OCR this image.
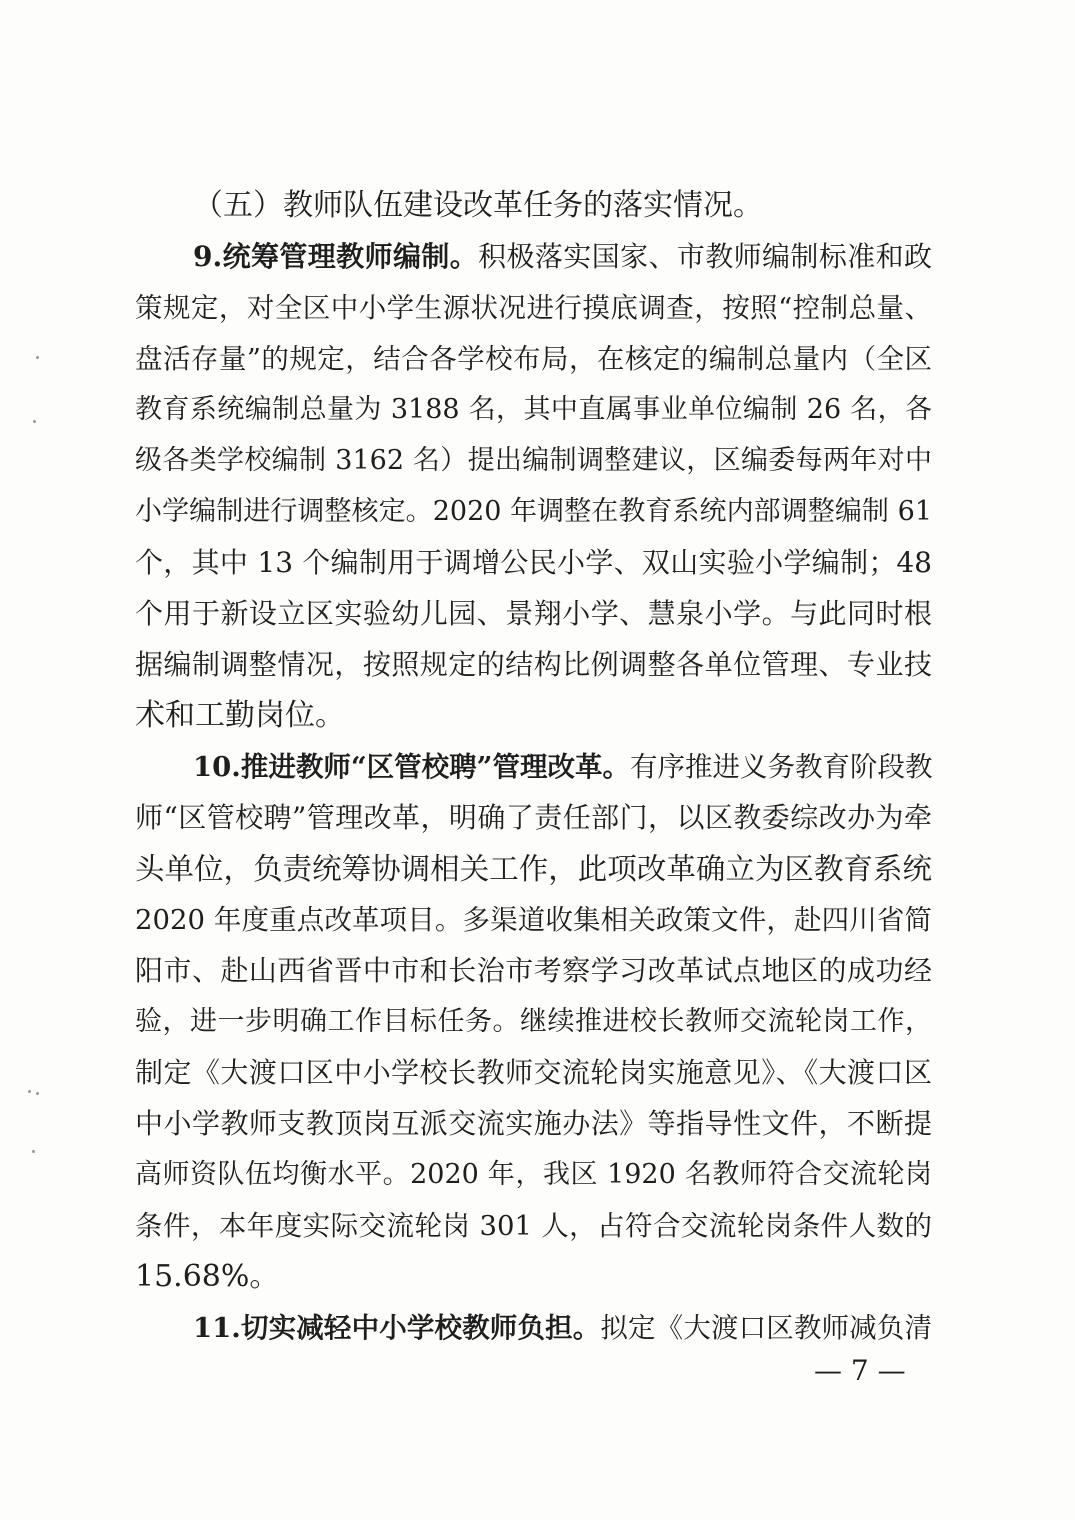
（五）教师队伍建设改革任务的落实情况。
9.统筹管理教师编制。积极落实国家、市教师编制标准和政
策规定，对全区中小学生源状况进行摸底调查，按照“控制总量、
盘活存量”的规定，结合各学校布局，在核定的编制总量内（全区
教育系统编制总量为 3188 名，其中直属事业单位编制 26 名，各
级各类学校编制 3162 名）提出编制调整建议，区编委每两年对中
小学编制进行调整核定。2020 年调整在教育系统内部调整编制 61
个，其中 13 个编制用于调增公民小学、双山实验小学编制；48
个用于新设立区实验幼儿园、景翔小学、慧泉小学。与此同时根
据编制调整情况，按照规定的结构比例调整各单位管理、专业技
术和工勤岗位。
10.推进教师“区管校聘”管理改革。有序推进义务教育阶段教
师“区管校聘”管理改革，明确了责任部门，以区教委综改办为牵
头单位，负责统筹协调相关工作，此项改革确立为区教育系统
2020 年度重点改革项目。多渠道收集相关政策文件，赴四川省简
阳市、赴山西省晋中市和长治市考察学习改革试点地区的成功经
验，进一步明确工作目标任务。继续推进校长教师交流轮岗工作，
制定《大渡口区中小学校长教师交流轮岗实施意见》、《大渡口区
中小学教师支教顶岗互派交流实施办法》等指导性文件，不断提
高师资队伍均衡水平。2020 年，我区 1920 名教师符合交流轮岗
条件，本年度实际交流轮岗 301 人，占符合交流轮岗条件人数的
15.68%。
11.切实减轻中小学校教师负担。拟定《大渡口区教师减负清
— 7 —
